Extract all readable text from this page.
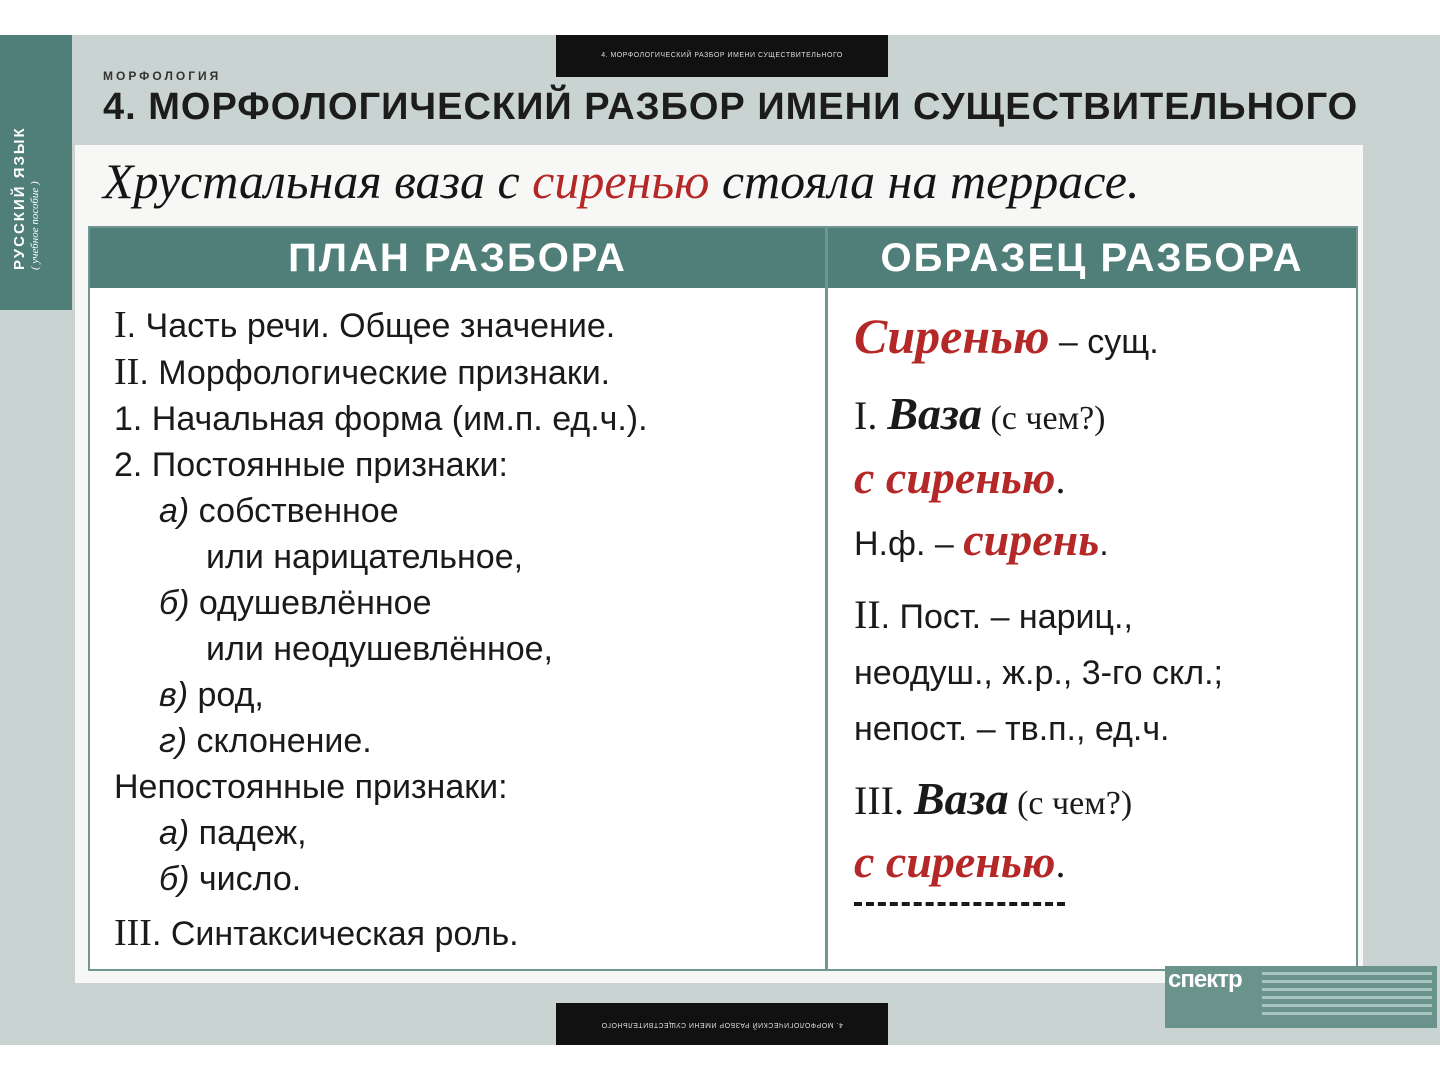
РУССКИЙ ЯЗЫК ( учебное пособие )
4. МОРФОЛОГИЧЕСКИЙ РАЗБОР ИМЕНИ СУЩЕСТВИТЕЛЬНОГО
МОРФОЛОГИЯ
4. МОРФОЛОГИЧЕСКИЙ РАЗБОР ИМЕНИ СУЩЕСТВИТЕЛЬНОГО
Хрустальная ваза с сиренью стояла на террасе.
ПЛАН РАЗБОРА	ОБРАЗЕЦ РАЗБОРА
I. Часть речи. Общее значение.
II. Морфологические признаки.
1. Начальная форма (им.п. ед.ч.).
2. Постоянные признаки:
а) собственное
или нарицательное,
б) одушевлённое
или неодушевлённое,
в) род,
г) склонение.
Непостоянные признаки:
а) падеж,
б) число.
III. Синтаксическая роль.
Сиренью – сущ.
I. Ваза (с чем?)
с сиренью.
Н.ф. – сирень.
II. Пост. – нариц.,
неодуш., ж.р., 3-го скл.;
непост. – тв.п., ед.ч.
III. Ваза (с чем?)
с сиренью.
4. МОРФОЛОГИЧЕСКИЙ РАЗБОР ИМЕНИ СУЩЕСТВИТЕЛЬНОГО
спектр
